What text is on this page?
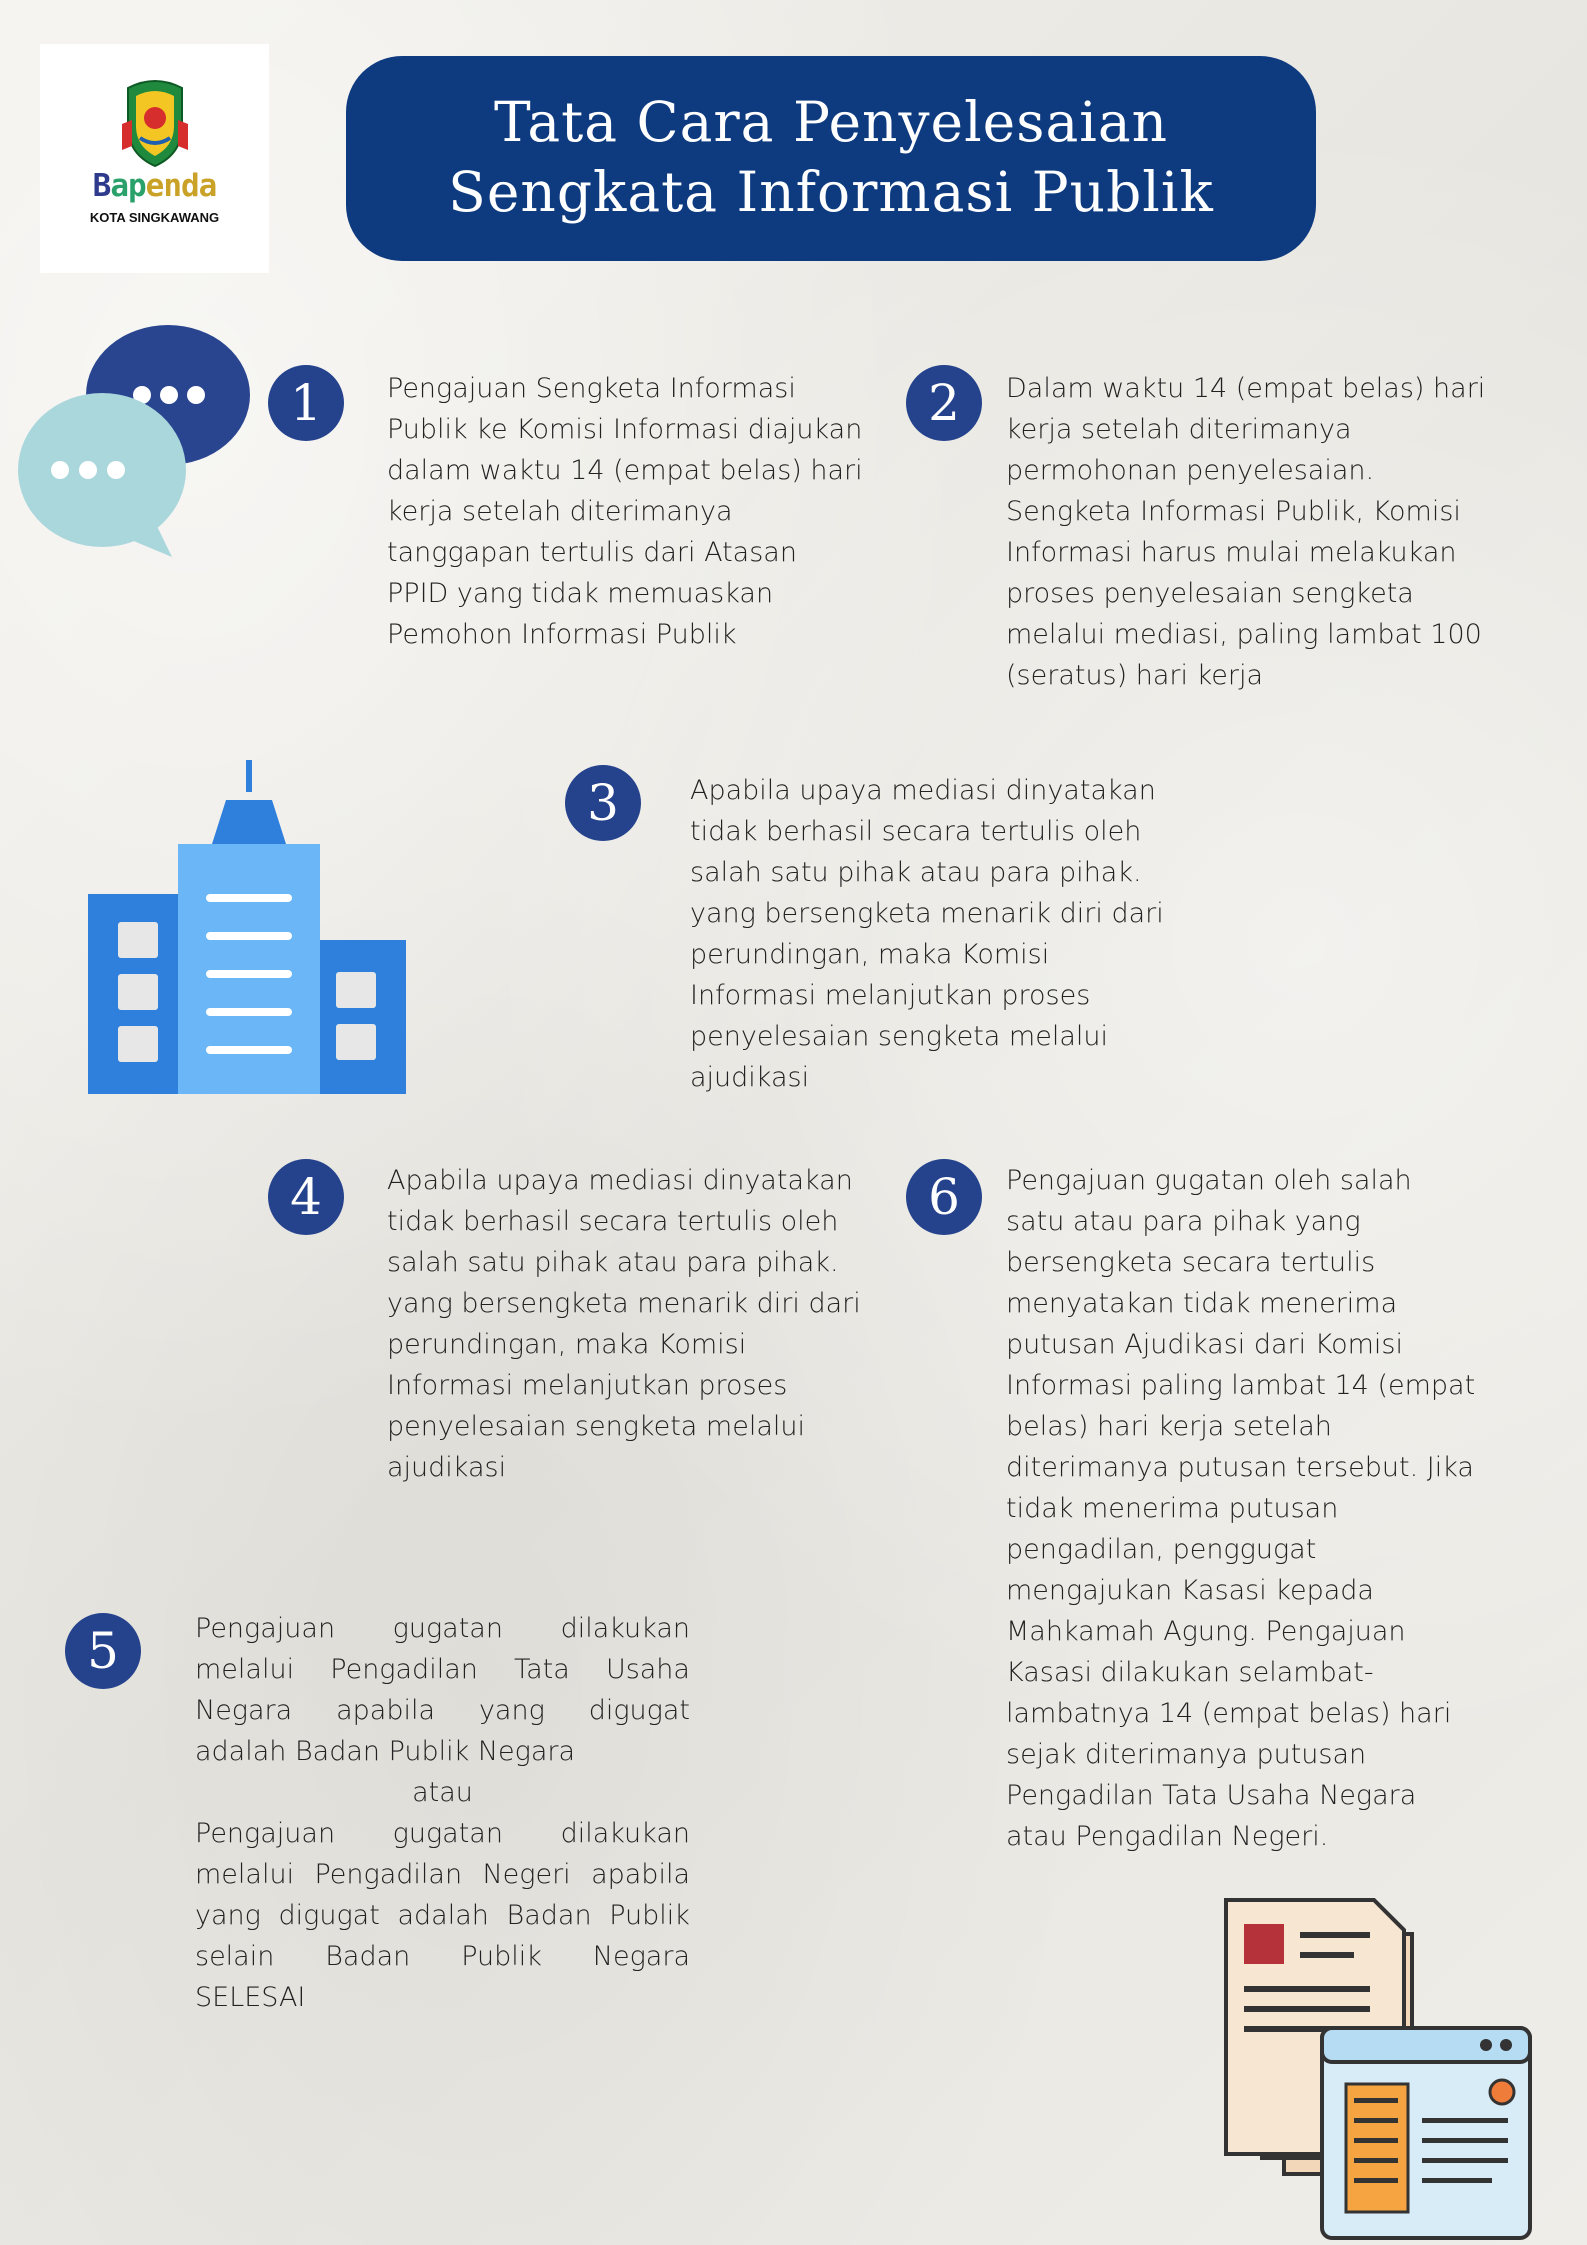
Bapenda
KOTA SINGKAWANG
Tata Cara Penyelesaian
Sengkata Informasi Publik
1	Pengajuan Sengketa Informasi
Publik ke Komisi Informasi diajukan
dalam waktu 14 (empat belas) hari
kerja setelah diterimanya
tanggapan tertulis dari Atasan
PPID yang tidak memuaskan
Pemohon Informasi Publik
2	Dalam waktu 14 (empat belas) hari
kerja setelah diterimanya
permohonan penyelesaian.
Sengketa Informasi Publik, Komisi
Informasi harus mulai melakukan
proses penyelesaian sengketa
melalui mediasi, paling lambat 100
(seratus) hari kerja
3	Apabila upaya mediasi dinyatakan
tidak berhasil secara tertulis oleh
salah satu pihak atau para pihak.
yang bersengketa menarik diri dari
perundingan, maka Komisi
Informasi melanjutkan proses
penyelesaian sengketa melalui
ajudikasi
4	Apabila upaya mediasi dinyatakan
tidak berhasil secara tertulis oleh
salah satu pihak atau para pihak.
yang bersengketa menarik diri dari
perundingan, maka Komisi
Informasi melanjutkan proses
penyelesaian sengketa melalui
ajudikasi
6	Pengajuan gugatan oleh salah
satu atau para pihak yang
bersengketa secara tertulis
menyatakan tidak menerima
putusan Ajudikasi dari Komisi
Informasi paling lambat 14 (empat
belas) hari kerja setelah
diterimanya putusan tersebut. Jika
tidak menerima putusan
pengadilan, penggugat
mengajukan Kasasi kepada
Mahkamah Agung. Pengajuan
Kasasi dilakukan selambat-
lambatnya 14 (empat belas) hari
sejak diterimanya putusan
Pengadilan Tata Usaha Negara
atau Pengadilan Negeri.
5	Pengajuan gugatan dilakukan
melalui Pengadilan Tata Usaha
Negara apabila yang digugat
adalah Badan Publik Negara
atau
Pengajuan gugatan dilakukan
melalui Pengadilan Negeri apabila
yang digugat adalah Badan Publik
selain Badan Publik Negara
SELESAI
